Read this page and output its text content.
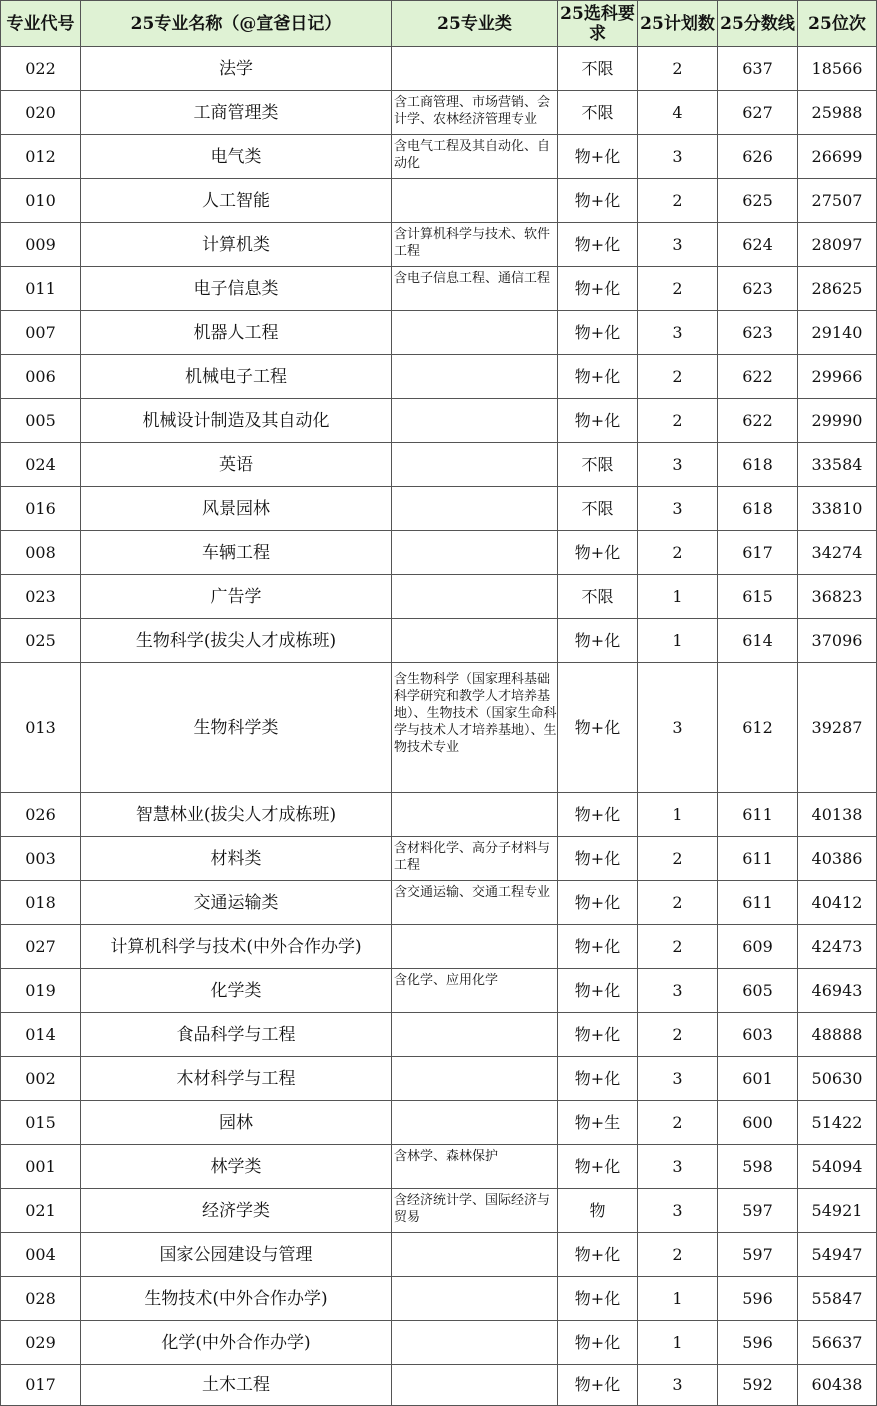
专业代号	25专业名称（@宣爸日记）	25专业类	25选科要求	25计划数	25分数线	25位次
022	法学		不限	2	637	18566
020	工商管理类	含工商管理、市场营销、会计学、农林经济管理专业	不限	4	627	25988
012	电气类	含电气工程及其自动化、自动化	物+化	3	626	26699
010	人工智能		物+化	2	625	27507
009	计算机类	含计算机科学与技术、软件工程	物+化	3	624	28097
011	电子信息类	含电子信息工程、通信工程	物+化	2	623	28625
007	机器人工程		物+化	3	623	29140
006	机械电子工程		物+化	2	622	29966
005	机械设计制造及其自动化		物+化	2	622	29990
024	英语		不限	3	618	33584
016	风景园林		不限	3	618	33810
008	车辆工程		物+化	2	617	34274
023	广告学		不限	1	615	36823
025	生物科学(拔尖人才成栋班)		物+化	1	614	37096
013	生物科学类	含生物科学（国家理科基础科学研究和教学人才培养基地）、生物技术（国家生命科学与技术人才培养基地）、生物技术专业	物+化	3	612	39287
026	智慧林业(拔尖人才成栋班)		物+化	1	611	40138
003	材料类	含材料化学、高分子材料与工程	物+化	2	611	40386
018	交通运输类	含交通运输、交通工程专业	物+化	2	611	40412
027	计算机科学与技术(中外合作办学)		物+化	2	609	42473
019	化学类	含化学、应用化学	物+化	3	605	46943
014	食品科学与工程		物+化	2	603	48888
002	木材科学与工程		物+化	3	601	50630
015	园林		物+生	2	600	51422
001	林学类	含林学、森林保护	物+化	3	598	54094
021	经济学类	含经济统计学、国际经济与贸易	物	3	597	54921
004	国家公园建设与管理		物+化	2	597	54947
028	生物技术(中外合作办学)		物+化	1	596	55847
029	化学(中外合作办学)		物+化	1	596	56637
017	土木工程		物+化	3	592	60438
